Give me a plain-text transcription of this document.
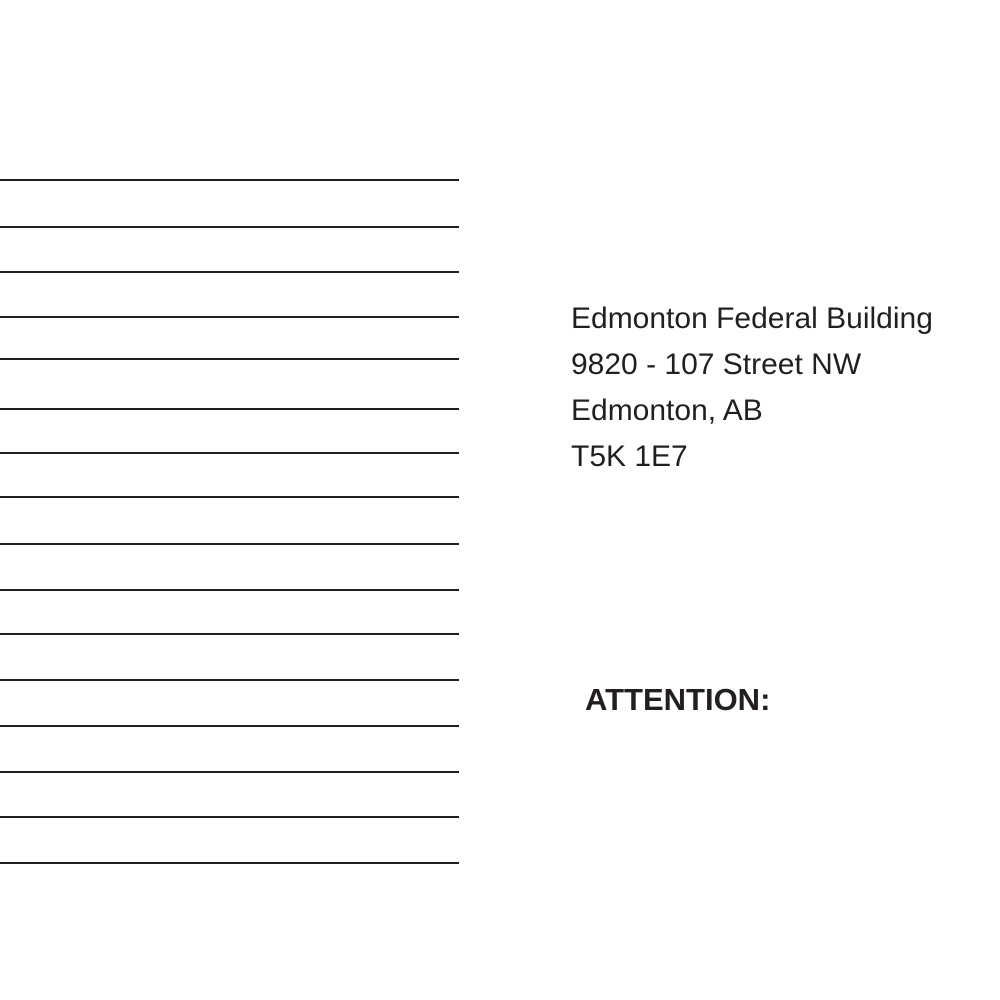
Edmonton Federal Building
9820 - 107 Street NW
Edmonton, AB
T5K 1E7
ATTENTION:
